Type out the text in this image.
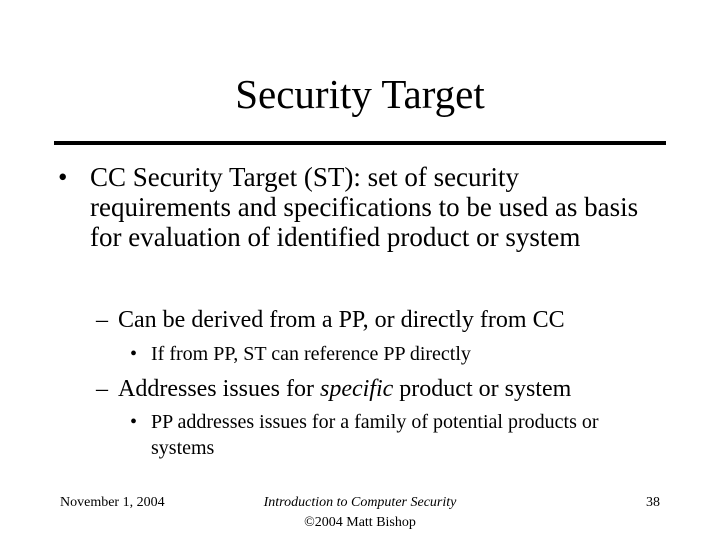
Security Target
• CC Security Target (ST): set of security requirements and specifications to be used as basis for evaluation of identified product or system
– Can be derived from a PP, or directly from CC
• If from PP, ST can reference PP directly
– Addresses issues for specific product or system
• PP addresses issues for a family of potential products or systems
November 1, 2004	Introduction to Computer Security
©2004 Matt Bishop
38
